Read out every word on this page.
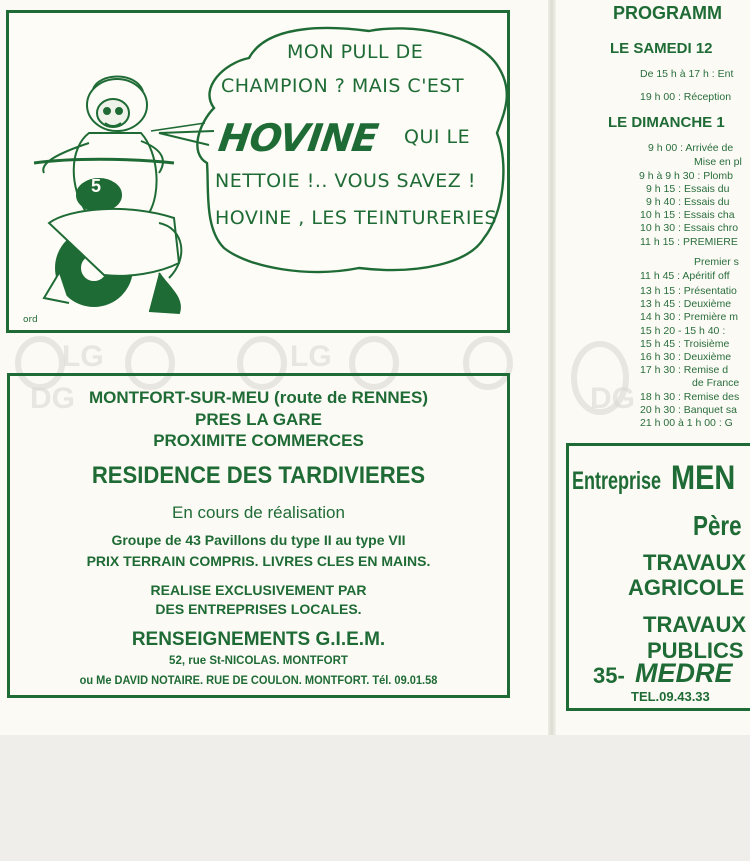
MON PULL DE
CHAMPION ? MAIS C'EST
HOVINE QUI LE
NETTOIE !.. VOUS SAVEZ !
HOVINE , LES TEINTURERIES
5
ord
LG	LG
DG	DG
MONTFORT-SUR-MEU (route de RENNES)
PRES LA GARE
PROXIMITE COMMERCES
RESIDENCE DES TARDIVIERES
En cours de réalisation
Groupe de 43 Pavillons du type II au type VII
PRIX TERRAIN COMPRIS. LIVRES CLES EN MAINS.
REALISE EXCLUSIVEMENT PAR
DES ENTREPRISES LOCALES.
RENSEIGNEMENTS G.I.E.M.
52, rue St-NICOLAS. MONTFORT
ou Me DAVID NOTAIRE. RUE DE COULON. MONTFORT. Tél. 09.01.58
PROGRAMM
LE SAMEDI 12
De 15 h à 17 h : Ent
19 h 00 : Réception
LE DIMANCHE 1
9 h 00 : Arrivée de
Mise en pl
9 h à 9 h 30 : Plomb
9 h 15 : Essais du
9 h 40 : Essais du
10 h 15 : Essais cha
10 h 30 : Essais chro
11 h 15 : PREMIERE
Premier s
11 h 45 : Apéritif off
13 h 15 : Présentatio
13 h 45 : Deuxième
14 h 30 : Première m
15 h 20 - 15 h 40 :
15 h 45 : Troisième
16 h 30 : Deuxième
17 h 30 : Remise d
de France
18 h 30 : Remise des
20 h 30 : Banquet sa
21 h 00 à 1 h 00 : G
Entreprise MEN
Père
TRAVAUX
AGRICOLE
TRAVAUX
PUBLICS
35- MEDRE
TEL.09.43.33
